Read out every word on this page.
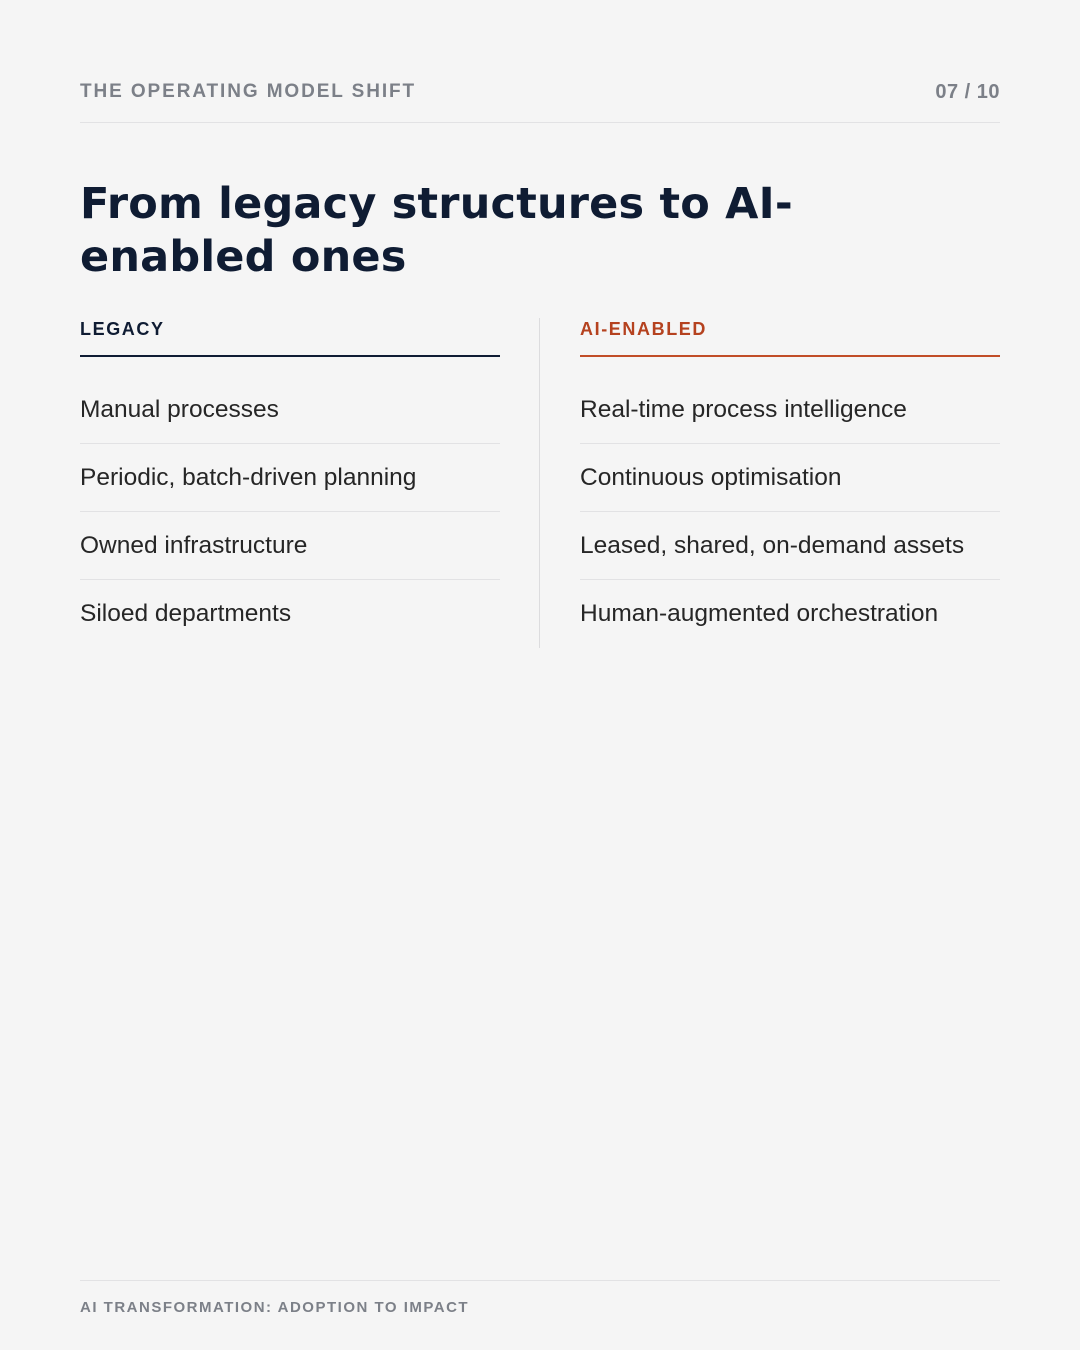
THE OPERATING MODEL SHIFT	07 / 10
From legacy structures to AI-enabled ones
LEGACY
Manual processes
Periodic, batch-driven planning
Owned infrastructure
Siloed departments
AI-ENABLED
Real-time process intelligence
Continuous optimisation
Leased, shared, on-demand assets
Human-augmented orchestration
AI TRANSFORMATION: ADOPTION TO IMPACT
